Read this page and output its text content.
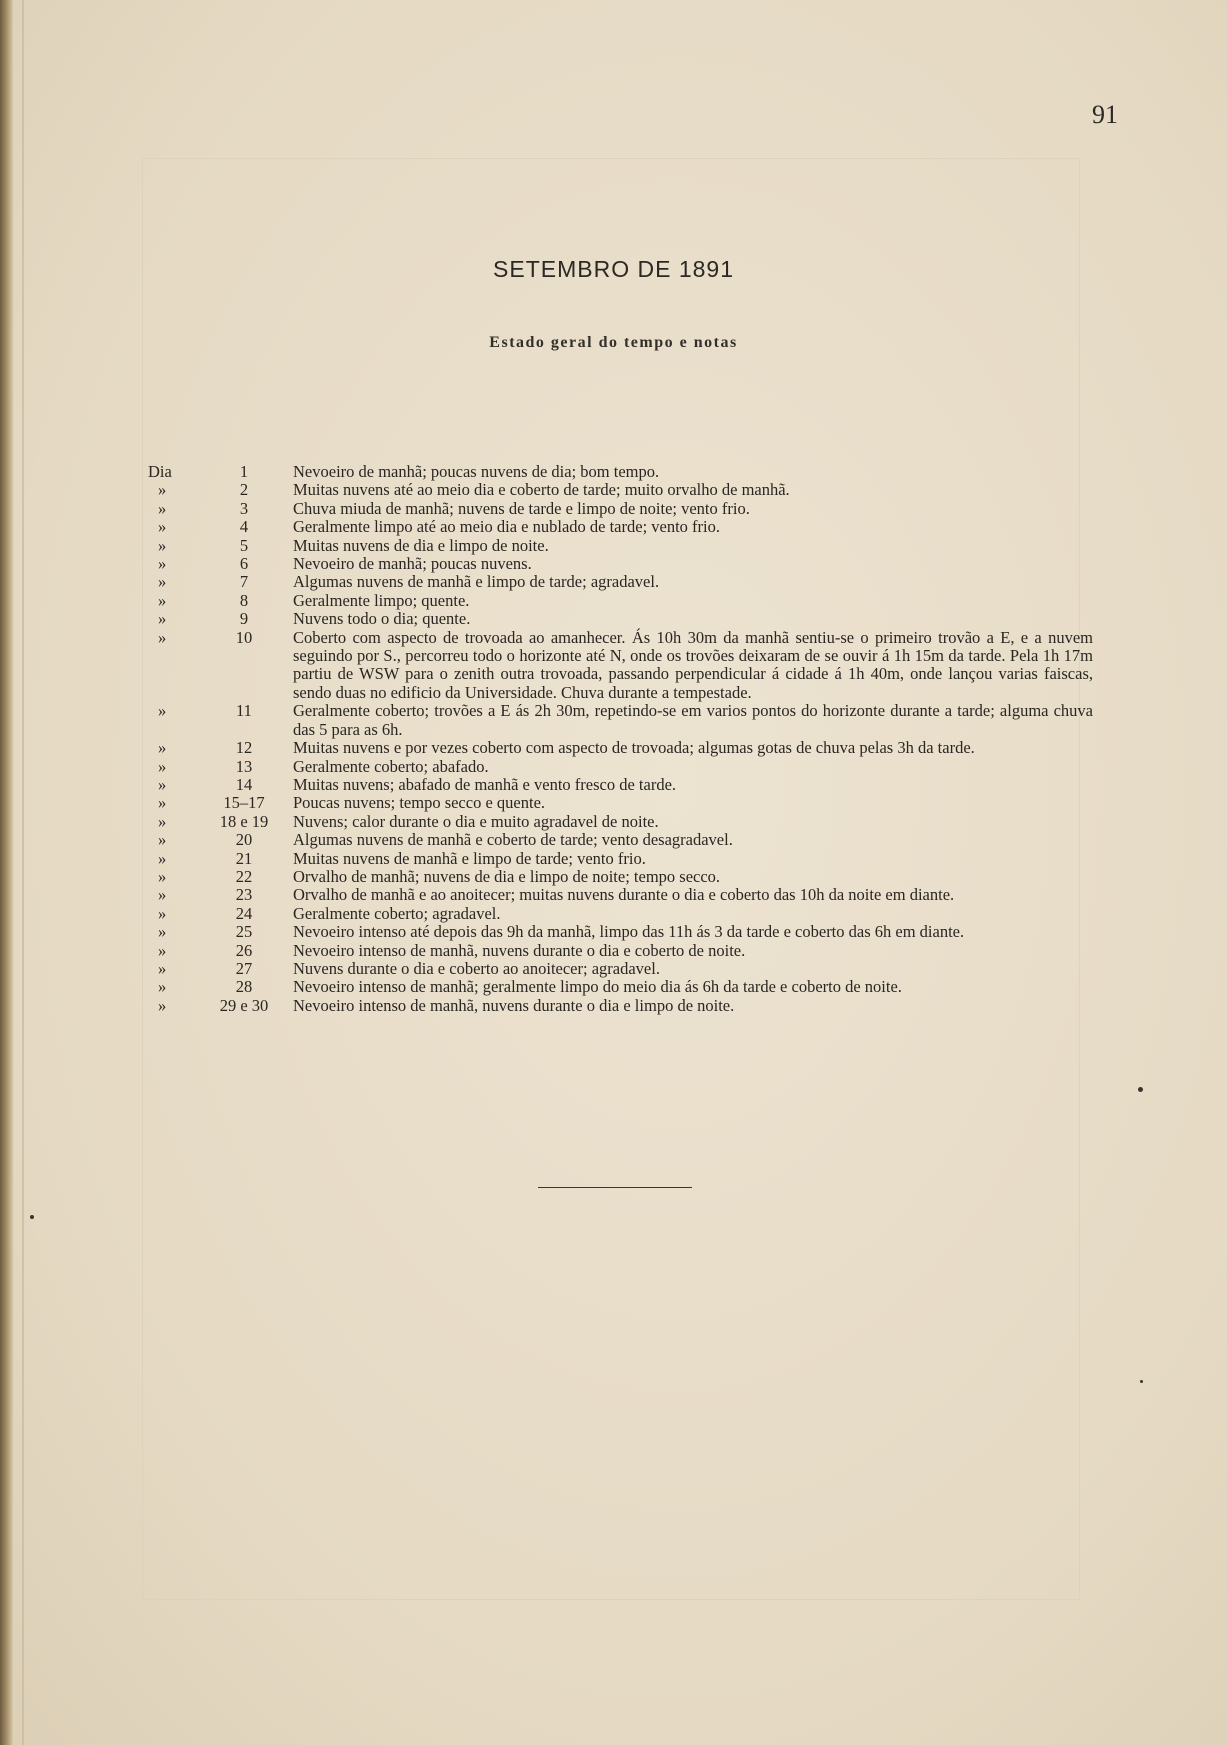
91
SETEMBRO DE 1891
Estado geral do tempo e notas
Dia	1	Nevoeiro de manhã; poucas nuvens de dia; bom tempo.
»	2	Muitas nuvens até ao meio dia e coberto de tarde; muito orvalho de manhã.
»	3	Chuva miuda de manhã; nuvens de tarde e limpo de noite; vento frio.
»	4	Geralmente limpo até ao meio dia e nublado de tarde; vento frio.
»	5	Muitas nuvens de dia e limpo de noite.
»	6	Nevoeiro de manhã; poucas nuvens.
»	7	Algumas nuvens de manhã e limpo de tarde; agradavel.
»	8	Geralmente limpo; quente.
»	9	Nuvens todo o dia; quente.
»	10	Coberto com aspecto de trovoada ao amanhecer. Ás 10h 30m da manhã sentiu-se o primeiro trovão a E, e a nuvem seguindo por S., percorreu todo o horizonte até N, onde os trovões deixaram de se ouvir á 1h 15m da tarde. Pela 1h 17m partiu de WSW para o zenith outra trovoada, passando perpendicular á cidade á 1h 40m, onde lançou varias faiscas, sendo duas no edificio da Universidade. Chuva durante a tempestade.
»	11	Geralmente coberto; trovões a E ás 2h 30m, repetindo-se em varios pontos do horizonte durante a tarde; alguma chuva das 5 para as 6h.
»	12	Muitas nuvens e por vezes coberto com aspecto de trovoada; algumas gotas de chuva pelas 3h da tarde.
»	13	Geralmente coberto; abafado.
»	14	Muitas nuvens; abafado de manhã e vento fresco de tarde.
»	15–17	Poucas nuvens; tempo secco e quente.
»	18 e 19	Nuvens; calor durante o dia e muito agradavel de noite.
»	20	Algumas nuvens de manhã e coberto de tarde; vento desagradavel.
»	21	Muitas nuvens de manhã e limpo de tarde; vento frio.
»	22	Orvalho de manhã; nuvens de dia e limpo de noite; tempo secco.
»	23	Orvalho de manhã e ao anoitecer; muitas nuvens durante o dia e coberto das 10h da noite em diante.
»	24	Geralmente coberto; agradavel.
»	25	Nevoeiro intenso até depois das 9h da manhã, limpo das 11h ás 3 da tarde e coberto das 6h em diante.
»	26	Nevoeiro intenso de manhã, nuvens durante o dia e coberto de noite.
»	27	Nuvens durante o dia e coberto ao anoitecer; agradavel.
»	28	Nevoeiro intenso de manhã; geralmente limpo do meio dia ás 6h da tarde e coberto de noite.
»	29 e 30	Nevoeiro intenso de manhã, nuvens durante o dia e limpo de noite.
